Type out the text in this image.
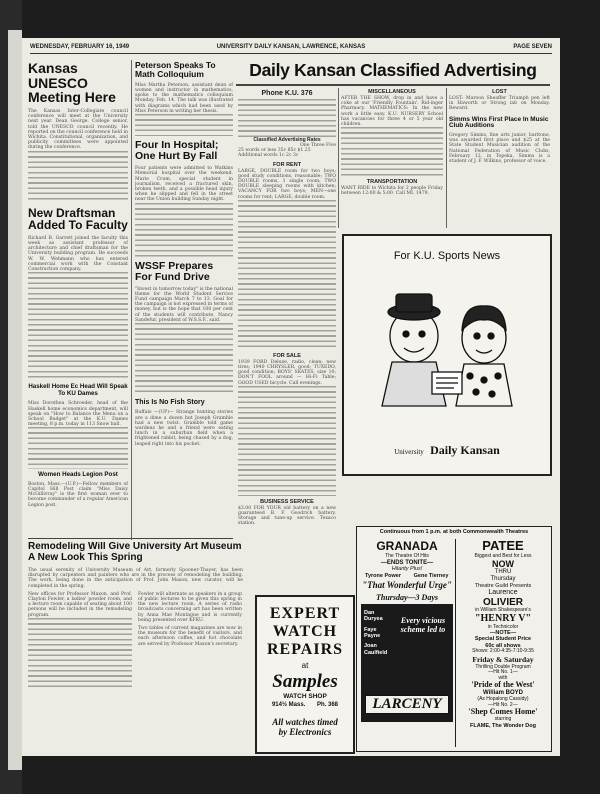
WEDNESDAY, FEBRUARY 16, 1949	UNIVERSITY DAILY KANSAN, LAWRENCE, KANSAS	PAGE SEVEN
Kansas UNESCO Meeting Here
The Kansas Inter-Collegiate council conference will meet at the University next year. Dean George, College senior, told the UNESCO council recently. He reported on the council conference held in Wichita. Constitutional, organization, and publicity committees were appointed during the conference.
New Draftsman Added To Faculty
Richard B. Garrett joined the faculty this week as assistant professor of architecture and chief draftsman for the University building program. He succeeds W. W. Wehmann who has entered commercial work with the Constant Construction company.
Haskell Home Ec Head Will Speak To KU Dames
Miss Dorothea Schroeder, head of the Haskell home economics department, will speak on "How to Balance the Menu on a School Budget" at the K.U. Dames meeting, 8 p.m. today in 113 Snow hall.
Women Heads Legion Post
Boston, Mass.—(U.P.)—Fellow members of Capitol Hill Post claim "Miss Daisy McGillivray" is the first woman ever to become commander of a regular American Legion post.
Peterson Speaks To Math Colloquium
Miss Martha Peterson, assistant dean of women and instructor in mathematics, spoke to the mathematics colloquium Monday, Feb. 14. The talk was illustrated with diagrams which had been used by Miss Peterson in writing her thesis.
Four In Hospital; One Hurt By Fall
Four patients were admitted to Watkins Memorial hospital over the weekend. Marie Crum, special student in journalism, received a fractured skin, broken teeth, and a possible head injury when he slipped and fell in the street near the Union building Sunday night.
WSSF Prepares For Fund Drive
"Invest in tomorrow today" is the national theme for the World Student Service Fund campaign March 7 to 13. Goal for the campaign is not expressed in terms of money, but is the hope that 100 per cent of the students will contribute, Nancy Sandefur, president of W.S.S.F., said.
This Is No Fish Story
Buffalo —(UP)— Strange hunting stories are a dime a dozen but Joseph Gramble had a new twist. Gramble told game wardens he and a friend were eating lunch in a suburban field when a frightened rabbit, being chased by a dog, leaped right into his pocket.
Remodeling Will Give University Art Museum A New Look This Spring
The usual serenity of University Museum of Art, formerly Spooner-Thayer, has been disrupted by carpenters and painters who are in the process of remodeling the building. The work, being done in the anticipation of Prof. John Maxon, new curator, will be completed in the spring.
New offices for Professor Maxon, and Prof. Clayton Fowler, a ladies' powder room, and a lecture room capable of seating about 100 persons will be included in the remodeling program.
Fowler will alternate as speakers in a group of public lectures to be given this spring in the new lecture room. A series of radio broadcasts concerning art has been written by Anna Mae Montague and is currently being presented over KFKU.
Two tables of current magazines are now in the museum for the benefit of visitors, and each afternoon coffee, and hot chocolate are served by Professor Maxon's secretary.
Daily Kansan Classified Advertising
Phone K.U. 376
Classified Advertising Rates
One Three Five
25 words or less 35c 85c $1.25
Additional words 1c 2c 3c
FOR RENT
LARGE, DOUBLE room for two boys; good study conditions, reasonable; TWO DOUBLE rooms, 1 single room; TWO DOUBLE sleeping rooms with kitchen; VACANCY FOR two boys; MEN—one rooms for rent; LARGE, double room.
FOR SALE
1939 FORD Deluxe, radio, clean; new tires; 1940 CHRYSLER, good; TUXEDO, good condition; BOYS' SKATES, size 10; DON'T FOOL around — Hi-Fi Table; GOOD USED bicycle. Call evenings.
BUSINESS SERVICE
$3.00 FOR YOUR old battery on a new guaranteed B. F. Goodrich battery. Storage and tune-up service. Texaco station.
MISCELLANEOUS
AFTER THE SHOW, drop in and have a coke at our 'Friendly Fountain'. Rid-inger Pharmacy. MATHEMATICS: In the new work a little easy. K.U. NURSERY School has vacancies for three 4 or 5 year old children.
TRANSPORTATION
WANT RIDE to Wichita for 2 people Friday between 12:00 & 5:00. Call MI. 1479.
LOST
LOST: Maroon Sheaffer Triumph pen left in Haworth or Strong lab on Monday. Reward.
Simms Wins First Place In Music Club Auditions
Gregory Simms, fine arts junior, baritone, was awarded first place and $25 at the State Student Musician audition of the National Federation of Music Clubs, February 12, in Topeka. Simms is a student of J. F. Wilkins, professor of voice.
For K.U. Sports News
University Daily Kansan
EXPERT
WATCH
REPAIRS
at
Samples
WATCH SHOP
914½ Mass. Ph. 368
All watches timed
by Electronics
Continuous from 1 p.m. at both Commonwealth Theatres
GRANADA
The Theatre Of Hits
—ENDS TONITE—
Hilarity Plus!
Tyrone Power	Gene Tierney
"That Wonderful Urge"
Thursday—3 Days
Dan Duryea
Faye Payne
Joan Caulfield
Every vicious scheme led to
LARCENY
PATEE
Biggest and Best for Less
NOW
THRU
Thursday
Theatre Guild Presents
Laurence
OLIVIER
in William Shakespeare's
"HENRY V"
in Technicolor
—NOTE—
Special Student Price
60c all shows
Shows: 2:00-4:35-7:10-9:35
Friday & Saturday
Thrilling Double Program
—Hit No. 1—
with
'Pride of the West'
William BOYD
(As Hopalong Cassidy)
—Hit No. 2—
'Shep Comes Home'
starring
FLAME, The Wonder Dog
